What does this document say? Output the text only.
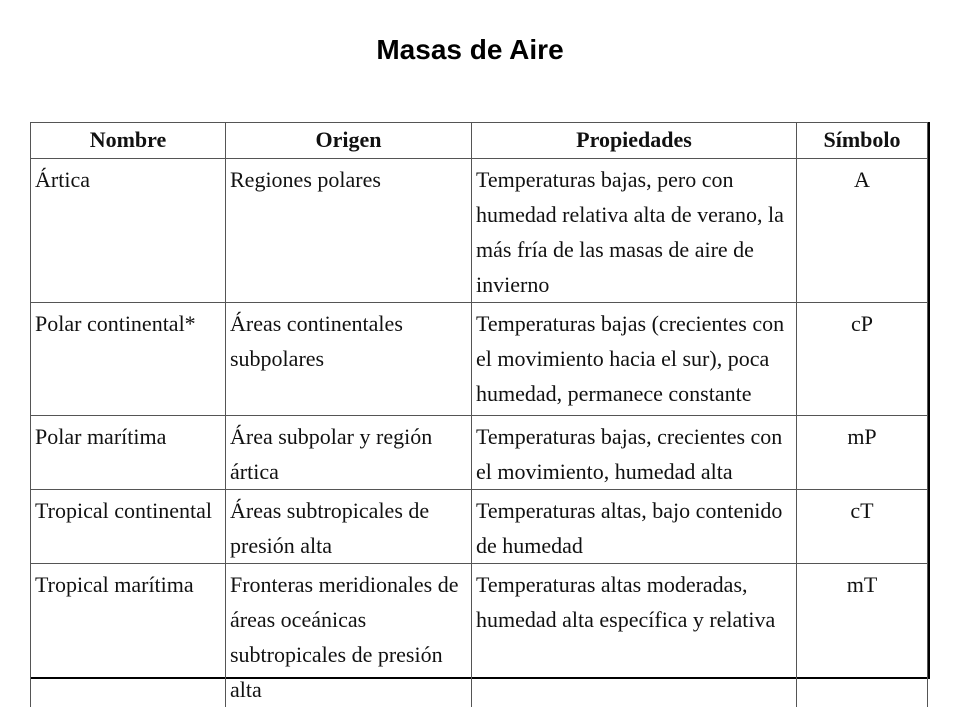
Masas de Aire
Nombre	Origen	Propiedades	Símbolo
Ártica	Regiones polares	Temperaturas bajas, pero con humedad relativa alta de verano, la más fría de las masas de aire de invierno	A
Polar continental*	Áreas continentales subpolares	Temperaturas bajas (crecientes con el movimiento hacia el sur), poca humedad, permanece constante	cP
Polar marítima	Área subpolar y región ártica	Temperaturas bajas, crecientes con el movimiento, humedad alta	mP
Tropical continental	Áreas subtropicales de presión alta	Temperaturas altas, bajo contenido de humedad	cT
Tropical marítima	Fronteras meridionales de áreas oceánicas subtropicales de presión alta	Temperaturas altas moderadas, humedad alta específica y relativa	mT
